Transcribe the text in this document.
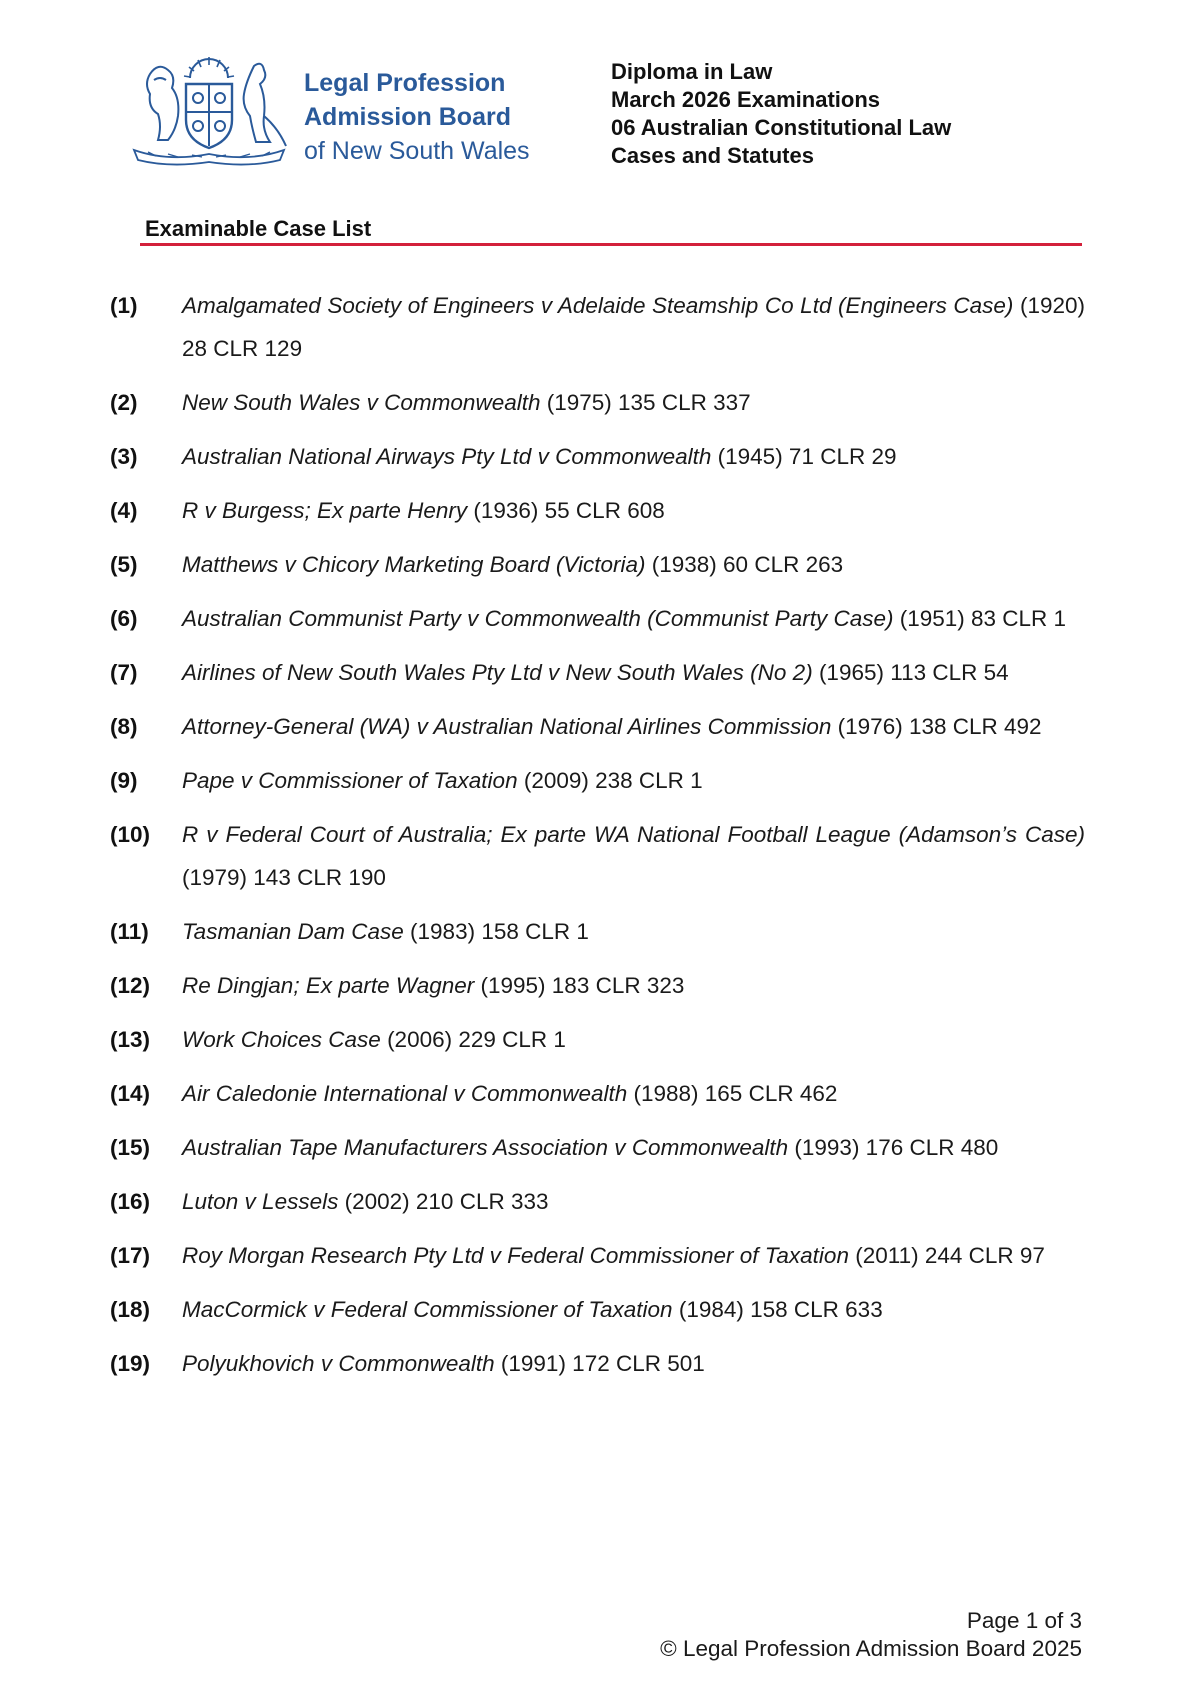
Legal Profession
Admission Board
of New South Wales
Diploma in Law
March 2026 Examinations
06 Australian Constitutional Law
Cases and Statutes
Examinable Case List
(1) Amalgamated Society of Engineers v Adelaide Steamship Co Ltd (Engineers Case) (1920) 28 CLR 129
(2) New South Wales v Commonwealth (1975) 135 CLR 337
(3) Australian National Airways Pty Ltd v Commonwealth (1945) 71 CLR 29
(4) R v Burgess; Ex parte Henry (1936) 55 CLR 608
(5) Matthews v Chicory Marketing Board (Victoria) (1938) 60 CLR 263
(6) Australian Communist Party v Commonwealth (Communist Party Case) (1951) 83 CLR 1
(7) Airlines of New South Wales Pty Ltd v New South Wales (No 2) (1965) 113 CLR 54
(8) Attorney-General (WA) v Australian National Airlines Commission (1976) 138 CLR 492
(9) Pape v Commissioner of Taxation (2009) 238 CLR 1
(10) R v Federal Court of Australia; Ex parte WA National Football League (Adamson’s Case) (1979) 143 CLR 190
(11) Tasmanian Dam Case (1983) 158 CLR 1
(12) Re Dingjan; Ex parte Wagner (1995) 183 CLR 323
(13) Work Choices Case (2006) 229 CLR 1
(14) Air Caledonie International v Commonwealth (1988) 165 CLR 462
(15) Australian Tape Manufacturers Association v Commonwealth (1993) 176 CLR 480
(16) Luton v Lessels (2002) 210 CLR 333
(17) Roy Morgan Research Pty Ltd v Federal Commissioner of Taxation (2011) 244 CLR 97
(18) MacCormick v Federal Commissioner of Taxation (1984) 158 CLR 633
(19) Polyukhovich v Commonwealth (1991) 172 CLR 501
Page 1 of 3
© Legal Profession Admission Board 2025
